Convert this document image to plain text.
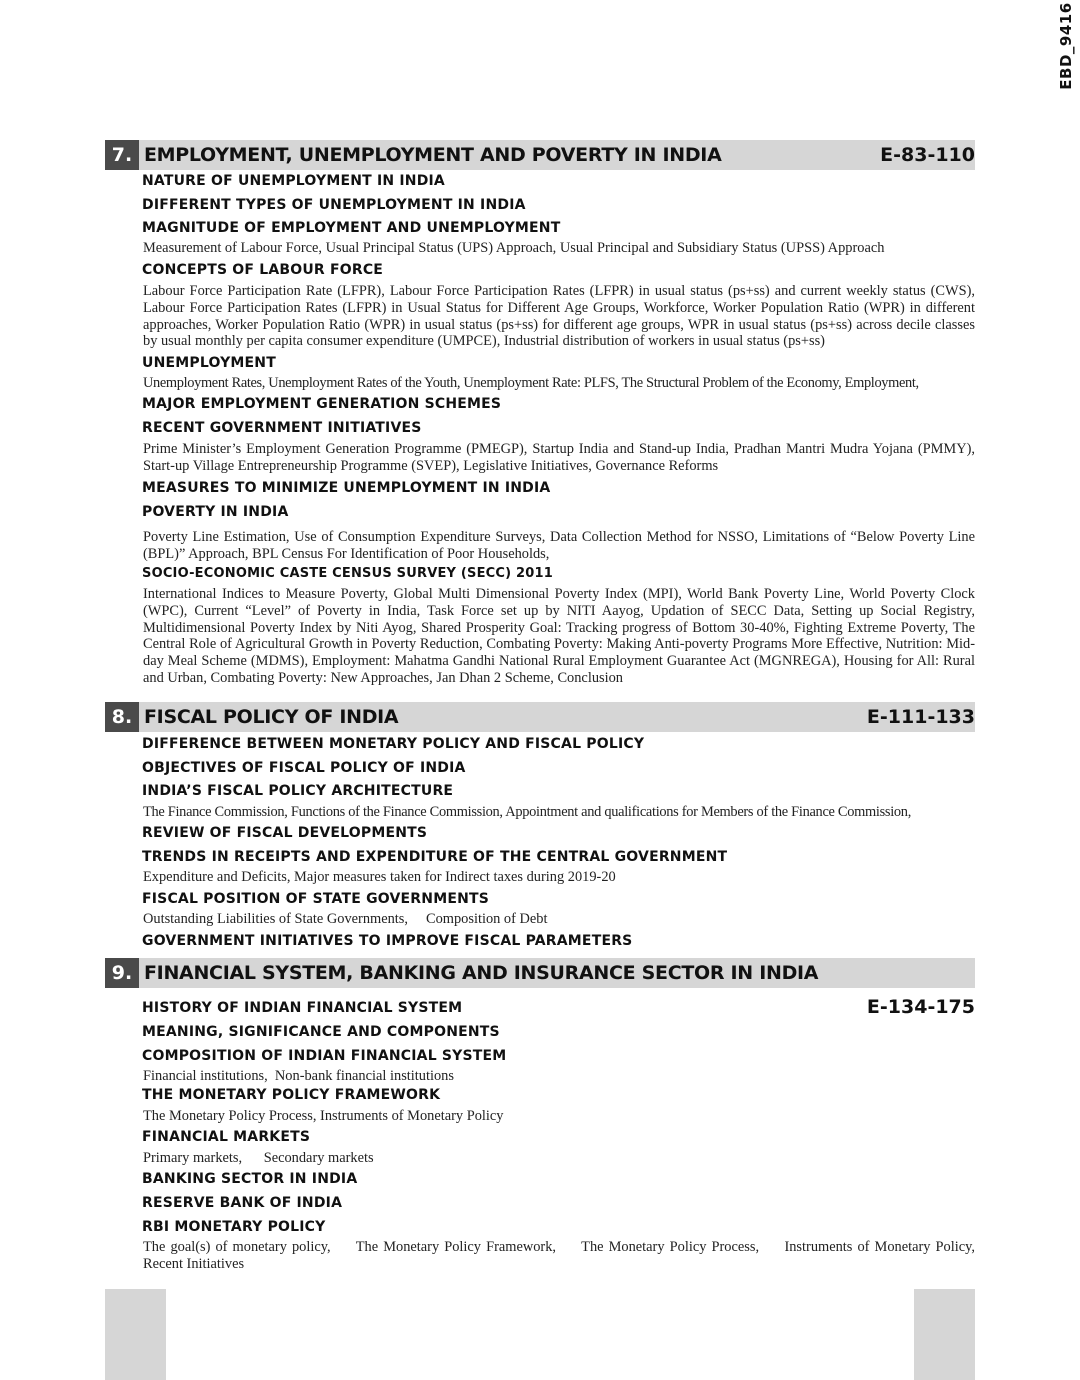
EBD_9416
7. EMPLOYMENT, UNEMPLOYMENT AND POVERTY IN INDIA	E-83-110
NATURE OF UNEMPLOYMENT IN INDIA
DIFFERENT TYPES OF UNEMPLOYMENT IN INDIA
MAGNITUDE OF EMPLOYMENT AND UNEMPLOYMENT
Measurement of Labour Force, Usual Principal Status (UPS) Approach, Usual Principal and Subsidiary Status (UPSS) Approach
CONCEPTS OF LABOUR FORCE
Labour Force Participation Rate (LFPR), Labour Force Participation Rates (LFPR) in usual status (ps+ss) and current weekly status (CWS), Labour Force Participation Rates (LFPR) in Usual Status for Different Age Groups, Workforce, Worker Population Ratio (WPR) in different approaches, Worker Population Ratio (WPR) in usual status (ps+ss) for different age groups, WPR in usual status (ps+ss) across decile classes by usual monthly per capita consumer expenditure (UMPCE), Industrial distribution of workers in usual status (ps+ss)
UNEMPLOYMENT
Unemployment Rates, Unemployment Rates of the Youth, Unemployment Rate: PLFS, The Structural Problem of the Economy, Employment,
MAJOR EMPLOYMENT GENERATION SCHEMES
RECENT GOVERNMENT INITIATIVES
Prime Minister’s Employment Generation Programme (PMEGP), Startup India and Stand-up India, Pradhan Mantri Mudra Yojana (PMMY), Start-up Village Entrepreneurship Programme (SVEP), Legislative Initiatives, Governance Reforms
MEASURES TO MINIMIZE UNEMPLOYMENT IN INDIA
POVERTY IN INDIA
Poverty Line Estimation, Use of Consumption Expenditure Surveys, Data Collection Method for NSSO, Limitations of “Below Poverty Line (BPL)” Approach, BPL Census For Identification of Poor Households,
SOCIO-ECONOMIC CASTE CENSUS SURVEY (SECC) 2011
International Indices to Measure Poverty, Global Multi Dimensional Poverty Index (MPI), World Bank Poverty Line, World Poverty Clock (WPC), Current “Level” of Poverty in India, Task Force set up by NITI Aayog, Updation of SECC Data, Setting up Social Registry, Multidimensional Poverty Index by Niti Ayog, Shared Prosperity Goal: Tracking progress of Bottom 30-40%, Fighting Extreme Poverty, The Central Role of Agricultural Growth in Poverty Reduction, Combating Poverty: Making Anti-poverty Programs More Effective, Nutrition: Mid-day Meal Scheme (MDMS), Employment: Mahatma Gandhi National Rural Employment Guarantee Act (MGNREGA), Housing for All: Rural and Urban, Combating Poverty: New Approaches, Jan Dhan 2 Scheme, Conclusion
8. FISCAL POLICY OF INDIA	E-111-133
DIFFERENCE BETWEEN MONETARY POLICY AND FISCAL POLICY
OBJECTIVES OF FISCAL POLICY OF INDIA
INDIA’S FISCAL POLICY ARCHITECTURE
The Finance Commission, Functions of the Finance Commission, Appointment and qualifications for Members of the Finance Commission,
REVIEW OF FISCAL DEVELOPMENTS
TRENDS IN RECEIPTS AND EXPENDITURE OF THE CENTRAL GOVERNMENT
Expenditure and Deficits, Major measures taken for Indirect taxes during 2019-20
FISCAL POSITION OF STATE GOVERNMENTS
Outstanding Liabilities of State Governments,     Composition of Debt
GOVERNMENT INITIATIVES TO IMPROVE FISCAL PARAMETERS
9. FINANCIAL SYSTEM, BANKING AND INSURANCE SECTOR IN INDIA
E-134-175
HISTORY OF INDIAN FINANCIAL SYSTEM
MEANING, SIGNIFICANCE AND COMPONENTS
COMPOSITION OF INDIAN FINANCIAL SYSTEM
Financial institutions,  Non-bank financial institutions
THE MONETARY POLICY FRAMEWORK
The Monetary Policy Process, Instruments of Monetary Policy
FINANCIAL MARKETS
Primary markets,      Secondary markets
BANKING SECTOR IN INDIA
RESERVE BANK OF INDIA
RBI MONETARY POLICY
The goal(s) of monetary policy,     The Monetary Policy Framework,     The Monetary Policy Process,     Instruments of Monetary Policy, Recent Initiatives
